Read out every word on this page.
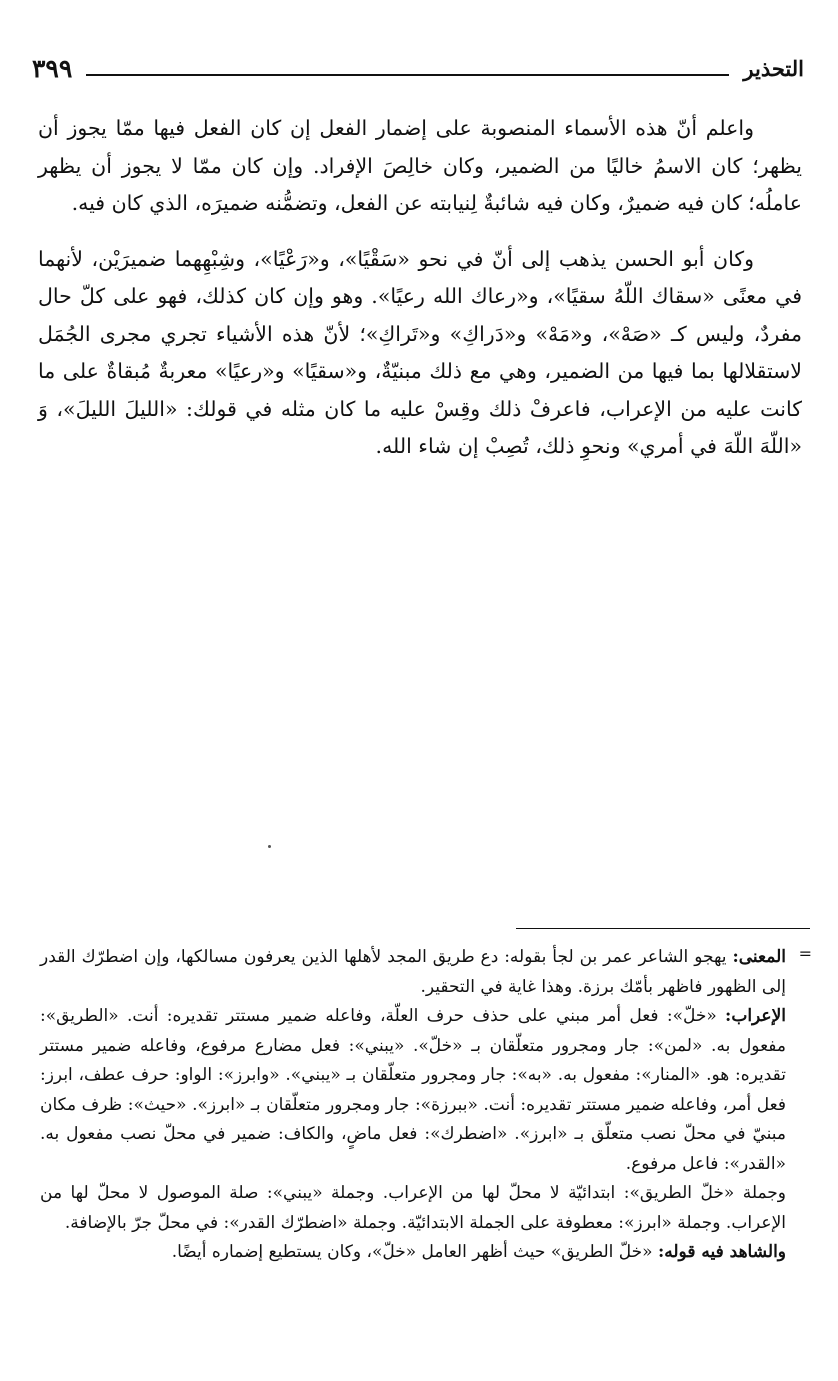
التحذير
٣٩٩

واعلم أنّ هذه الأسماء المنصوبة على إضمار الفعل إن كان الفعل فيها ممّا يجوز أن يظهر؛ كان الاسمُ خاليًا من الضمير، وكان خالِصَ الإفراد. وإن كان ممّا لا يجوز أن يظهر عاملُه؛ كان فيه ضميرٌ، وكان فيه شائبةٌ لِنيابته عن الفعل، وتضمُّنه ضميرَه، الذي كان فيه.

وكان أبو الحسن يذهب إلى أنّ في نحو «سَقْيًا»، و«رَعْيًا»، وشِبْهِهما ضميرَيْن، لأنهما في معنًى «سقاك اللّهُ سقيًا»، و«رعاك الله رعيًا». وهو وإن كان كذلك، فهو على كلّ حال مفردٌ، وليس كـ «صَهْ»، و«مَهْ» و«دَراكِ» و«تَراكِ»؛ لأنّ هذه الأشياء تجري مجرى الجُمَل لاستقلالها بما فيها من الضمير، وهي مع ذلك مبنيّةٌ، و«سقيًا» و«رعيًا» معربةٌ مُبقاةٌ على ما كانت عليه من الإعراب، فاعرفْ ذلك وقِسْ عليه ما كان مثله في قولك: «الليلَ الليلَ»، وَ «اللّهَ اللّهَ في أمري» ونحوِ ذلك، تُصِبْ إن شاء الله.

=

المعنى: يهجو الشاعر عمر بن لجأ بقوله: دع طريق المجد لأهلها الذين يعرفون مسالكها، وإن اضطرّك القدر إلى الظهور فاظهر بأمّك برزة. وهذا غاية في التحقير.

الإعراب: «خلّ»: فعل أمر مبني على حذف حرف العلّة، وفاعله ضمير مستتر تقديره: أنت. «الطريق»: مفعول به. «لمن»: جار ومجرور متعلّقان بـ «خلّ». «يبني»: فعل مضارع مرفوع، وفاعله ضمير مستتر تقديره: هو. «المنار»: مفعول به. «به»: جار ومجرور متعلّقان بـ «يبني». «وابرز»: الواو: حرف عطف، ابرز: فعل أمر، وفاعله ضمير مستتر تقديره: أنت. «ببرزة»: جار ومجرور متعلّقان بـ «ابرز». «حيث»: ظرف مكان مبنيّ في محلّ نصب متعلّق بـ «ابرز». «اضطرك»: فعل ماضٍ، والكاف: ضمير في محلّ نصب مفعول به. «القدر»: فاعل مرفوع.

وجملة «خلّ الطريق»: ابتدائيّة لا محلّ لها من الإعراب. وجملة «يبني»: صلة الموصول لا محلّ لها من الإعراب. وجملة «ابرز»: معطوفة على الجملة الابتدائيّة. وجملة «اضطرّك القدر»: في محلّ جرّ بالإضافة.

والشاهد فيه قوله: «خلّ الطريق» حيث أظهر العامل «خلّ»، وكان يستطيع إضماره أيضًا.
